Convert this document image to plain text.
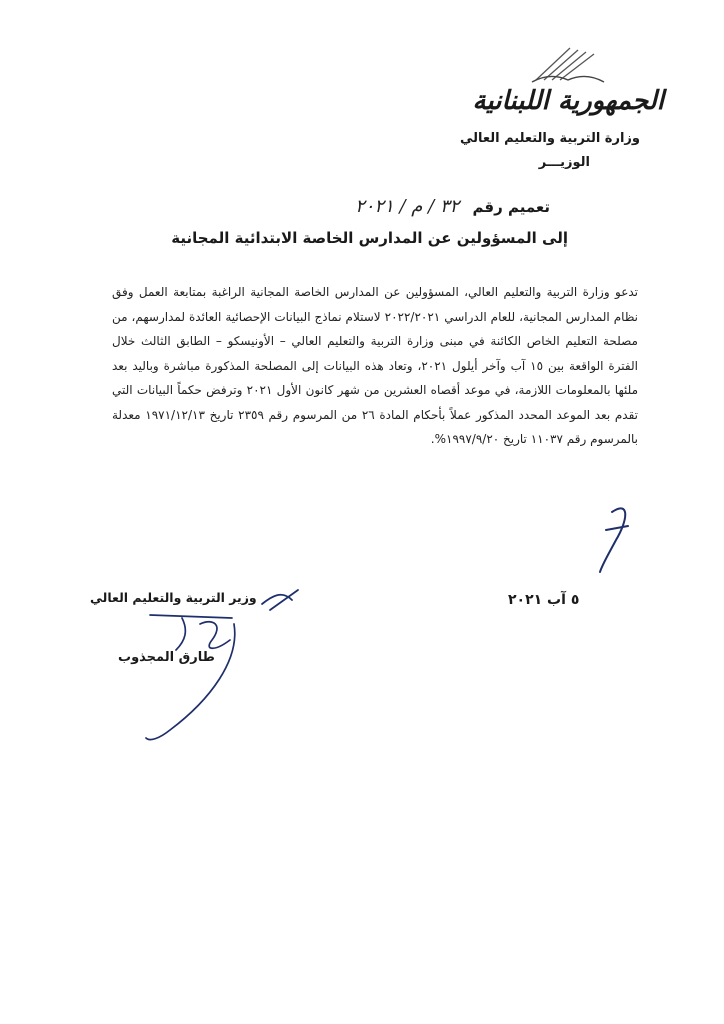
الجمهورية اللبنانية
وزارة التربية والتعليم العالي
الوزيـــر
تعميم رقم ٣٢ / م / ٢٠٢١
إلى المسؤولين عن المدارس الخاصة الابتدائية المجانية
تدعو وزارة التربية والتعليم العالي، المسؤولين عن المدارس الخاصة المجانية الراغبة بمتابعة العمل وفق نظام المدارس المجانية، للعام الدراسي ٢٠٢٢/٢٠٢١ لاستلام نماذج البيانات الإحصائية العائدة لمدارسهم، من مصلحة التعليم الخاص الكائنة في مبنى وزارة التربية والتعليم العالي – الأونيسكو – الطابق الثالث خلال الفترة الواقعة بين ١٥ آب وآخر أيلول ٢٠٢١، وتعاد هذه البيانات إلى المصلحة المذكورة مباشرة وباليد بعد ملئها بالمعلومات اللازمة، في موعد أقصاه العشرين من شهر كانون الأول ٢٠٢١ وترفض حكماً البيانات التي تقدم بعد الموعد المحدد المذكور عملاً بأحكام المادة ٢٦ من المرسوم رقم ٢٣٥٩ تاريخ ١٩٧١/١٢/١٣ معدلة بالمرسوم رقم ١١٠٣٧ تاريخ ١٩٩٧/٩/٢٠%.
٥ آب ٢٠٢١
وزير التربية والتعليم العالي
طارق المجذوب
